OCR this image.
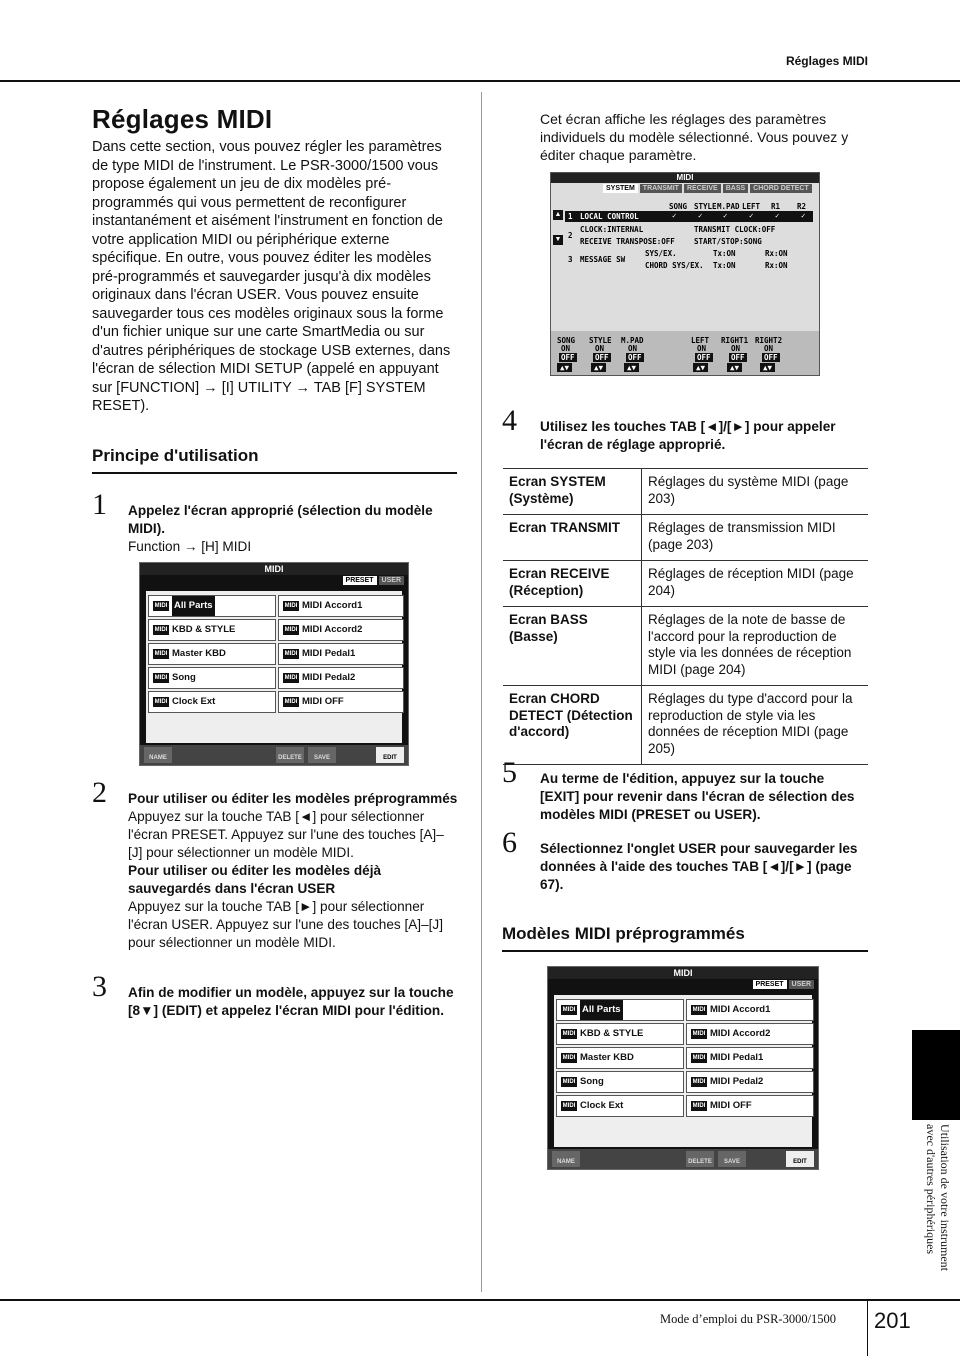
Réglages MIDI
Réglages MIDI
Dans cette section, vous pouvez régler les paramètres de type MIDI de l'instrument. Le PSR-3000/1500 vous propose également un jeu de dix modèles pré-programmés qui vous permettent de reconfigurer instantanément et aisément l'instrument en fonction de votre application MIDI ou périphérique externe spécifique. En outre, vous pouvez éditer les modèles pré-programmés et sauvegarder jusqu'à dix modèles originaux dans l'écran USER. Vous pouvez ensuite sauvegarder tous ces modèles originaux sous la forme d'un fichier unique sur une carte SmartMedia ou sur d'autres périphériques de stockage USB externes, dans l'écran de sélection MIDI SETUP (appelé en appuyant sur [FUNCTION] → [I] UTILITY → TAB [F] SYSTEM RESET).
Principe d'utilisation
1 Appelez l'écran approprié (sélection du modèle MIDI).
Function → [H] MIDI
MIDI
PRESET	USER
MIDI All Parts
MIDI KBD & STYLE
MIDI Master KBD
MIDI Song
MIDI Clock Ext
MIDI MIDI Accord1
MIDI MIDI Accord2
MIDI MIDI Pedal1
MIDI MIDI Pedal2
MIDI MIDI OFF
NAME	DELETE	SAVE	EDIT
2 Pour utiliser ou éditer les modèles préprogrammés
Appuyez sur la touche TAB [◄] pour sélectionner l'écran PRESET. Appuyez sur l'une des touches [A]–[J] pour sélectionner un modèle MIDI.
Pour utiliser ou éditer les modèles déjà sauvegardés dans l'écran USER
Appuyez sur la touche TAB [►] pour sélectionner l'écran USER. Appuyez sur l'une des touches [A]–[J] pour sélectionner un modèle MIDI.
3 Afin de modifier un modèle, appuyez sur la touche [8▼] (EDIT) et appelez l'écran MIDI pour l'édition.
Cet écran affiche les réglages des paramètres individuels du modèle sélectionné. Vous pouvez y éditer chaque paramètre.
MIDI
SYSTEM	TRANSMIT	RECEIVE	BASS	CHORD DETECT
SONG STYLE M.PAD LEFT R1 R2
▲
▼
1 LOCAL CONTROL	✓	✓	✓	✓	✓	✓
2
CLOCK:INTERNAL
RECEIVE TRANSPOSE:OFF
TRANSMIT CLOCK:OFF
START/STOP:SONG
3 MESSAGE SW
SYS/EX.	Tx:ON	Rx:ON
CHORD SYS/EX. Tx:ON	Rx:ON
SONG STYLE M.PAD	LEFT RIGHT1 RIGHT2
ON	ON	ON	ON	ON	ON
OFF	OFF	OFF	OFF	OFF	OFF
▲▼	▲▼	▲▼	▲▼	▲▼	▲▼
4 Utilisez les touches TAB [◄]/[►] pour appeler l'écran de réglage approprié.
Ecran SYSTEM (Système)	Réglages du système MIDI (page 203)
Ecran TRANSMIT	Réglages de transmission MIDI (page 203)
Ecran RECEIVE (Réception)	Réglages de réception MIDI (page 204)
Ecran BASS (Basse)	Réglages de la note de basse de l'accord pour la reproduction de style via les données de réception MIDI (page 204)
Ecran CHORD DETECT (Détection d'accord)	Réglages du type d'accord pour la reproduction de style via les données de réception MIDI (page 205)
5 Au terme de l'édition, appuyez sur la touche [EXIT] pour revenir dans l'écran de sélection des modèles MIDI (PRESET ou USER).
6 Sélectionnez l'onglet USER pour sauvegarder les données à l'aide des touches TAB [◄]/[►] (page 67).
Modèles MIDI préprogrammés
MIDI
PRESET	USER
MIDI All Parts
MIDI KBD & STYLE
MIDI Master KBD
MIDI Song
MIDI Clock Ext
MIDI MIDI Accord1
MIDI MIDI Accord2
MIDI MIDI Pedal1
MIDI MIDI Pedal2
MIDI MIDI OFF
NAME	DELETE	SAVE	EDIT	Utilisation de votre instrument
avec d'autres périphériques
Mode d’emploi du PSR-3000/1500 201
